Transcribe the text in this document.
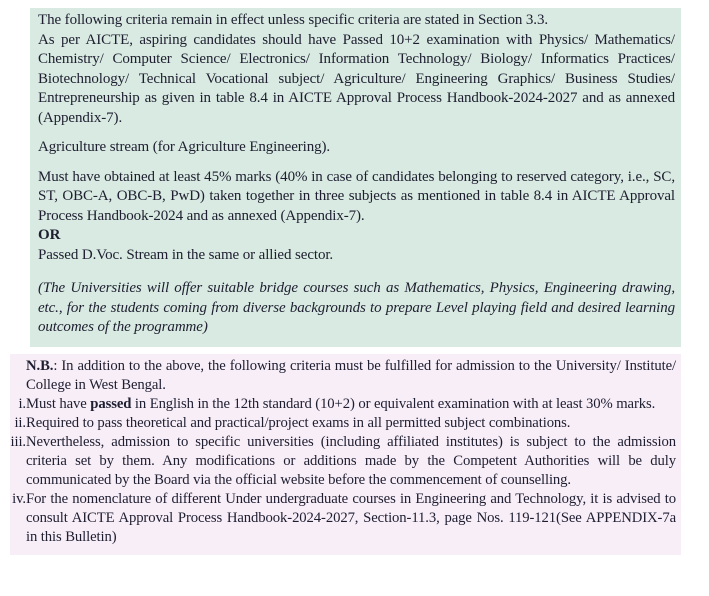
The following criteria remain in effect unless specific criteria are stated in Section 3.3.

As per AICTE, aspiring candidates should have Passed 10+2 examination with Physics/ Mathematics/ Chemistry/ Computer Science/ Electronics/ Information Technology/ Biology/ Informatics Practices/ Biotechnology/ Technical Vocational subject/ Agriculture/ Engineering Graphics/ Business Studies/ Entrepreneurship as given in table 8.4 in AICTE Approval Process Handbook-2024-2027 and as annexed (Appendix-7).

Agriculture stream (for Agriculture Engineering).

Must have obtained at least 45% marks (40% in case of candidates belonging to reserved category, i.e., SC, ST, OBC-A, OBC-B, PwD) taken together in three subjects as mentioned in table 8.4 in AICTE Approval Process Handbook-2024 and as annexed (Appendix-7).

OR

Passed D.Voc. Stream in the same or allied sector.

(The Universities will offer suitable bridge courses such as Mathematics, Physics, Engineering drawing, etc., for the students coming from diverse backgrounds to prepare Level playing field and desired learning outcomes of the programme)

N.B.: In addition to the above, the following criteria must be fulfilled for admission to the University/ Institute/ College in West Bengal.

i. Must have passed in English in the 12th standard (10+2) or equivalent examination with at least 30% marks.
ii. Required to pass theoretical and practical/project exams in all permitted subject combinations.
iii. Nevertheless, admission to specific universities (including affiliated institutes) is subject to the admission criteria set by them. Any modifications or additions made by the Competent Authorities will be duly communicated by the Board via the official website before the commencement of counselling.
iv. For the nomenclature of different Under undergraduate courses in Engineering and Technology, it is advised to consult AICTE Approval Process Handbook-2024-2027, Section-11.3, page Nos. 119-121(See APPENDIX-7a in this Bulletin)
